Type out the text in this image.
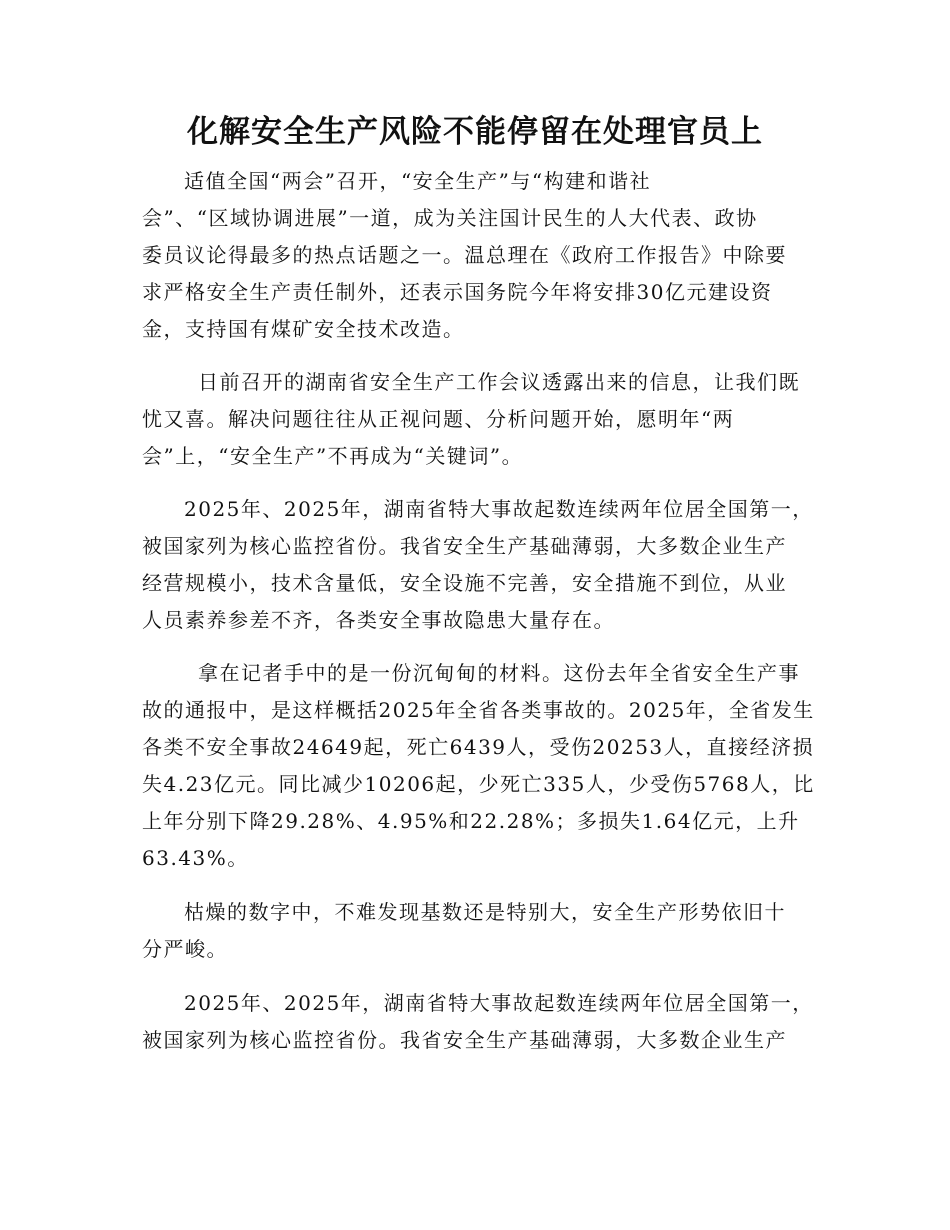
化解安全生产风险不能停留在处理官员上
适值全国“两会”召开，“安全生产”与“构建和谐社
会”、“区域协调进展”一道，成为关注国计民生的人大代表、政协
委员议论得最多的热点话题之一。温总理在《政府工作报告》中除要
求严格安全生产责任制外，还表示国务院今年将安排30亿元建设资
金，支持国有煤矿安全技术改造。
日前召开的湖南省安全生产工作会议透露出来的信息，让我们既
忧又喜。解决问题往往从正视问题、分析问题开始，愿明年“两
会”上，“安全生产”不再成为“关键词”。
2025年、2025年，湖南省特大事故起数连续两年位居全国第一，
被国家列为核心监控省份。我省安全生产基础薄弱，大多数企业生产
经营规模小，技术含量低，安全设施不完善，安全措施不到位，从业
人员素养参差不齐，各类安全事故隐患大量存在。
拿在记者手中的是一份沉甸甸的材料。这份去年全省安全生产事
故的通报中，是这样概括2025年全省各类事故的。2025年，全省发生
各类不安全事故24649起，死亡6439人，受伤20253人，直接经济损
失4.23亿元。同比减少10206起，少死亡335人，少受伤5768人，比
上年分别下降29.28%、4.95%和22.28%；多损失1.64亿元，上升
63.43%。
枯燥的数字中，不难发现基数还是特别大，安全生产形势依旧十
分严峻。
2025年、2025年，湖南省特大事故起数连续两年位居全国第一，
被国家列为核心监控省份。我省安全生产基础薄弱，大多数企业生产
